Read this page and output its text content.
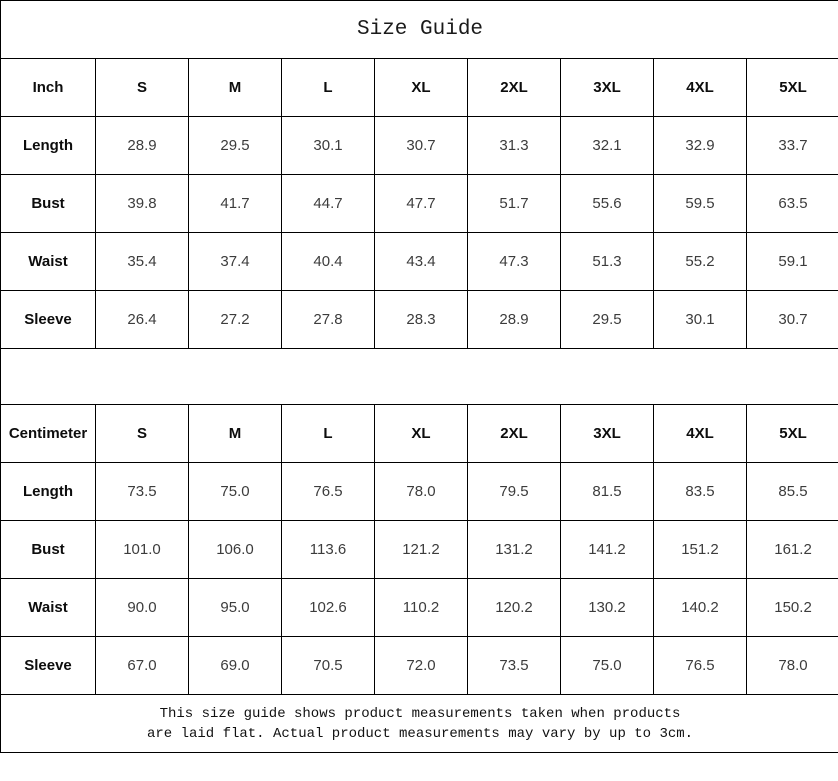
Size Guide								
Inch	S	M	L	XL	2XL	3XL	4XL	5XL
Length	28.9	29.5	30.1	30.7	31.3	32.1	32.9	33.7
Bust	39.8	41.7	44.7	47.7	51.7	55.6	59.5	63.5
Waist	35.4	37.4	40.4	43.4	47.3	51.3	55.2	59.1
Sleeve	26.4	27.2	27.8	28.3	28.9	29.5	30.1	30.7

Centimeter	S	M	L	XL	2XL	3XL	4XL	5XL
Length	73.5	75.0	76.5	78.0	79.5	81.5	83.5	85.5
Bust	101.0	106.0	113.6	121.2	131.2	141.2	151.2	161.2
Waist	90.0	95.0	102.6	110.2	120.2	130.2	140.2	150.2
Sleeve	67.0	69.0	70.5	72.0	73.5	75.0	76.5	78.0

This size guide shows product measurements taken when products
are laid flat. Actual product measurements may vary by up to 3cm.								
